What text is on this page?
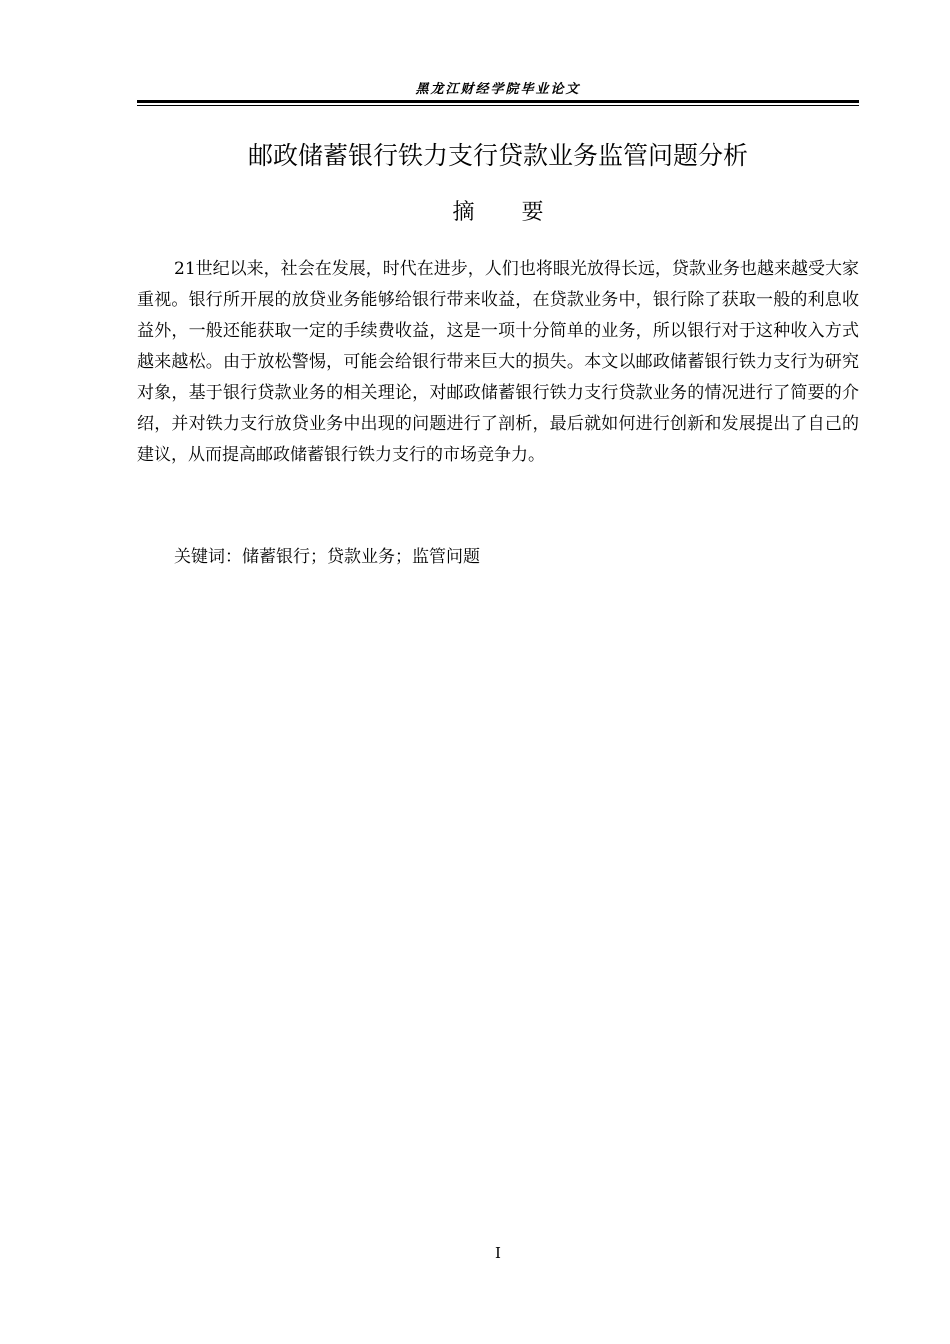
黑龙江财经学院毕业论文
邮政储蓄银行铁力支行贷款业务监管问题分析
摘 要

21世纪以来，社会在发展，时代在进步，人们也将眼光放得长远，贷款业务也越来越受大家重视。银行所开展的放贷业务能够给银行带来收益，在贷款业务中，银行除了获取一般的利息收益外，一般还能获取一定的手续费收益，这是一项十分简单的业务，所以银行对于这种收入方式越来越松。由于放松警惕，可能会给银行带来巨大的损失。本文以邮政储蓄银行铁力支行为研究对象，基于银行贷款业务的相关理论，对邮政储蓄银行铁力支行贷款业务的情况进行了简要的介绍，并对铁力支行放贷业务中出现的问题进行了剖析，最后就如何进行创新和发展提出了自己的建议，从而提高邮政储蓄银行铁力支行的市场竞争力。

关键词：储蓄银行；贷款业务；监管问题
I
